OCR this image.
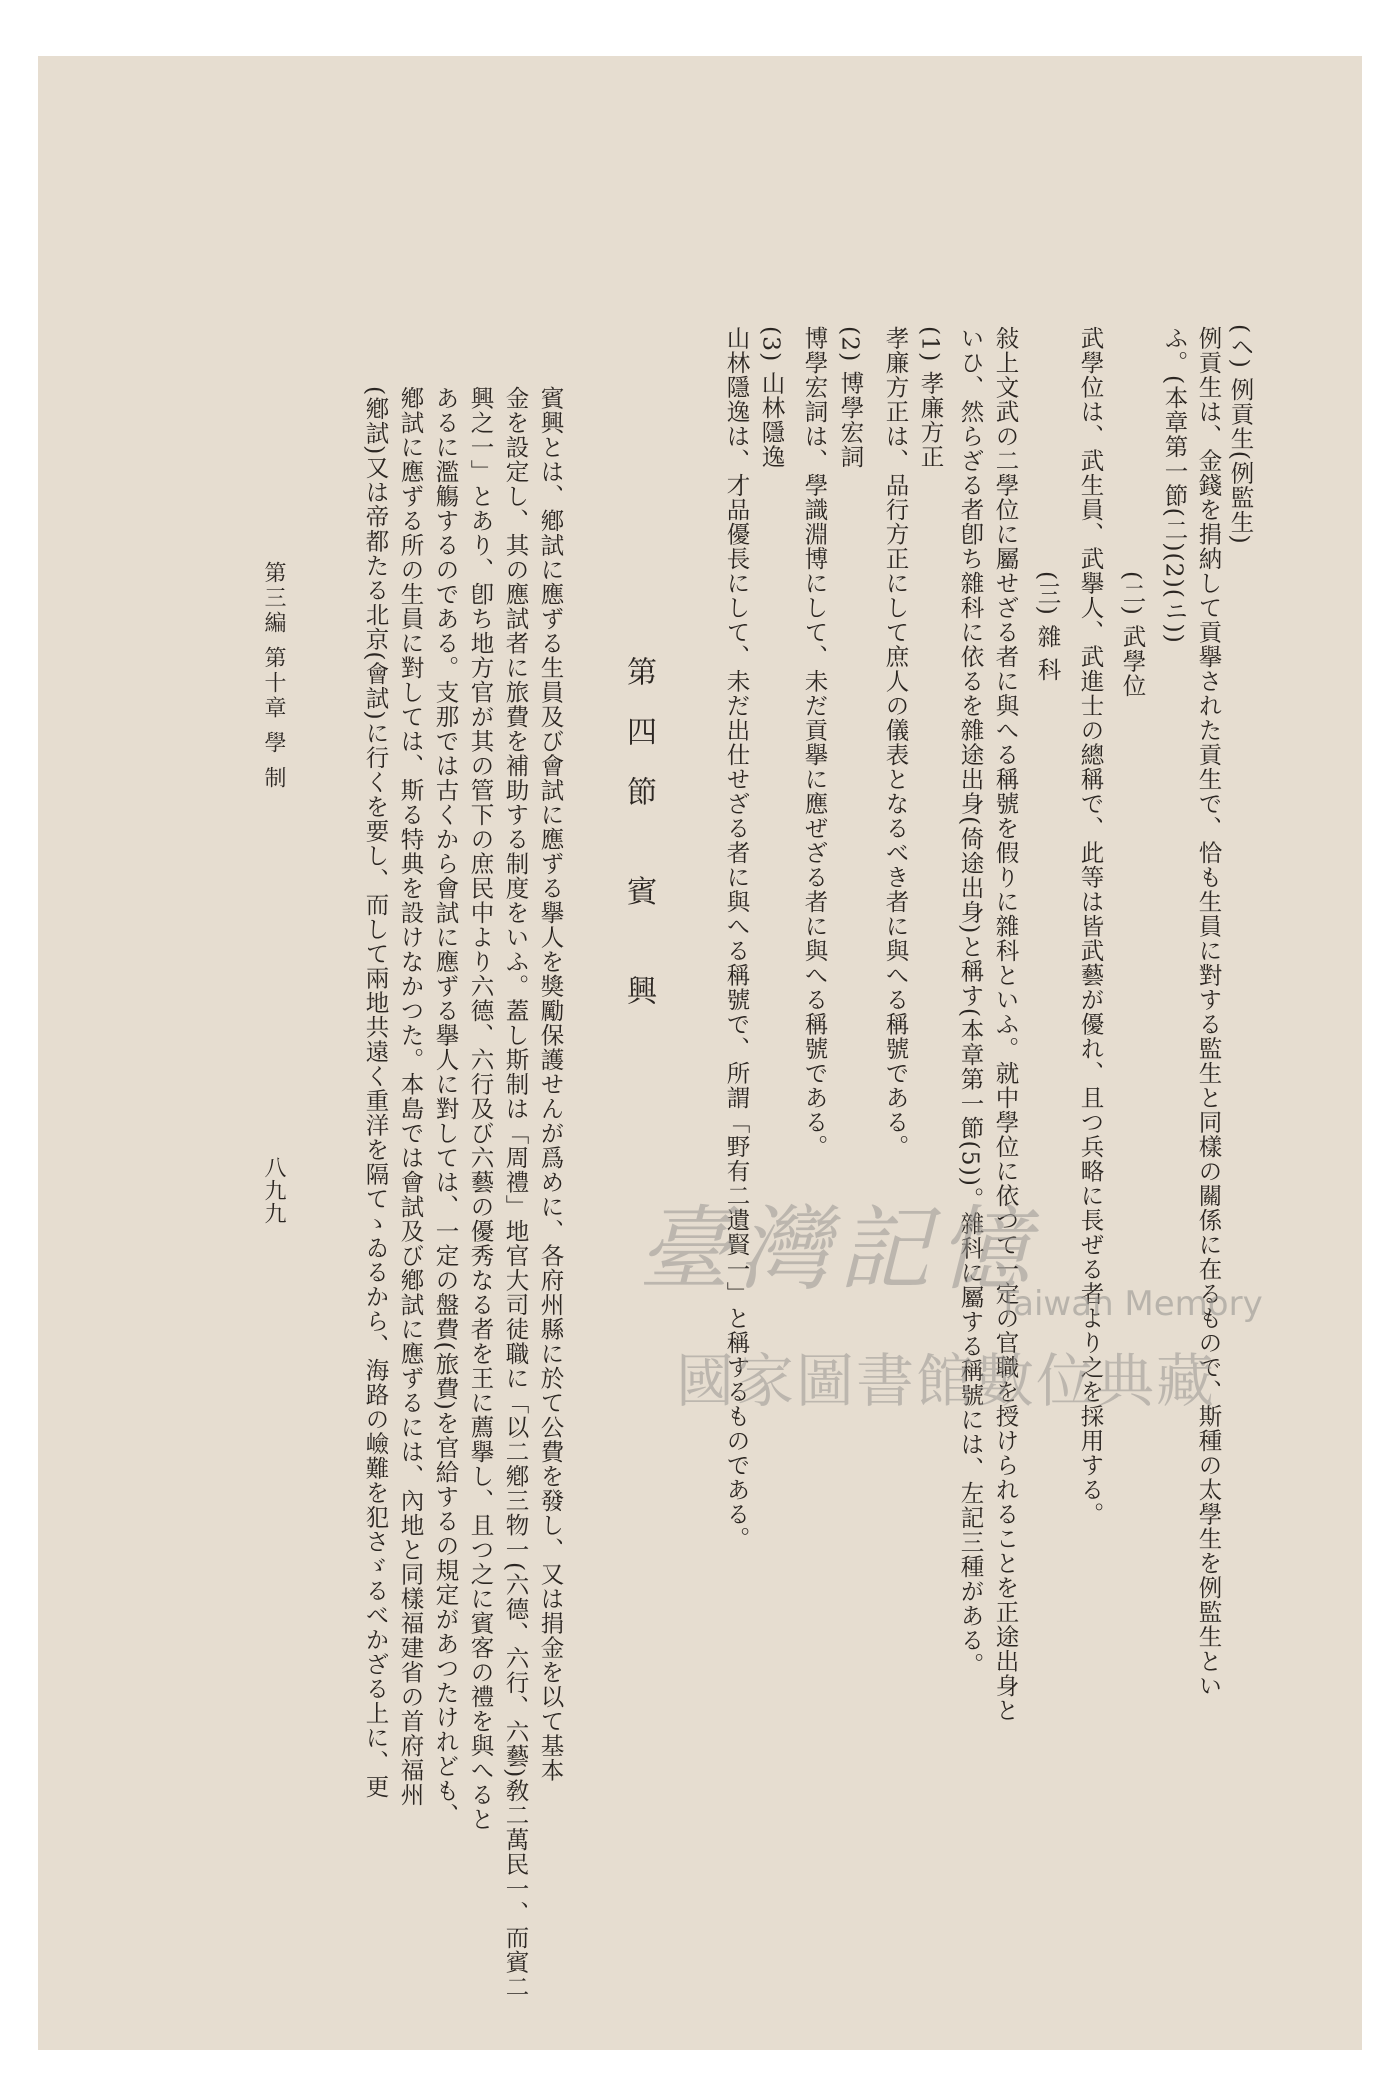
(ヘ) 例貢生(例監生)
例貢生は、金錢を捐納して貢擧された貢生で、恰も生員に對する監生と同樣の關係に在るもので、斯種の太學生を例監生とい
ふ。(本章第一節(二)(2)(ニ))
(二) 武學位
武學位は、武生員、武擧人、武進士の總稱で、此等は皆武藝が優れ、且つ兵略に長ぜる者より之を採用する。
(三) 雜 科
敍上文武の二學位に屬せざる者に與へる稱號を假りに雜科といふ。就中學位に依つて一定の官職を授けられることを正途出身と
いひ、然らざる者卽ち雜科に依るを雜途出身(倚途出身)と稱す(本章第一節(5))。雜科に屬する稱號には、左記三種がある。
(1) 孝廉方正
孝廉方正は、品行方正にして庶人の儀表となるべき者に與へる稱號である。
(2) 博學宏詞
博學宏詞は、學識淵博にして、未だ貢擧に應ぜざる者に與へる稱號である。
(3) 山林隱逸
山林隱逸は、才品優長にして、未だ出仕せざる者に與へる稱號で、所謂「野有二遺賢一」と稱するものである。
第四節 賓 興
賓興とは、鄕試に應ずる生員及び會試に應ずる擧人を獎勵保護せんが爲めに、各府州縣に於て公費を發し、又は捐金を以て基本
金を設定し、其の應試者に旅費を補助する制度をいふ。蓋し斯制は「周禮」地官大司徒職に「以二鄕三物一(六德、六行、六藝)敎二萬民一、而賓二
興之一」とあり、卽ち地方官が其の管下の庶民中より六德、六行及び六藝の優秀なる者を王に薦擧し、且つ之に賓客の禮を與へると
あるに濫觴するのである。支那では古くから會試に應ずる擧人に對しては、一定の盤費(旅費)を官給するの規定があつたけれども、
鄕試に應ずる所の生員に對しては、斯る特典を設けなかつた。本島では會試及び鄕試に應ずるには、內地と同樣福建省の首府福州
(鄕試)又は帝都たる北京(會試)に行くを要し、而して兩地共遠く重洋を隔てゝゐるから、海路の嶮難を犯さゞるべかざる上に、更
第三編 第十章 學 制
八九九
臺灣記憶
Taiwan Memory
國家圖書館數位典藏
